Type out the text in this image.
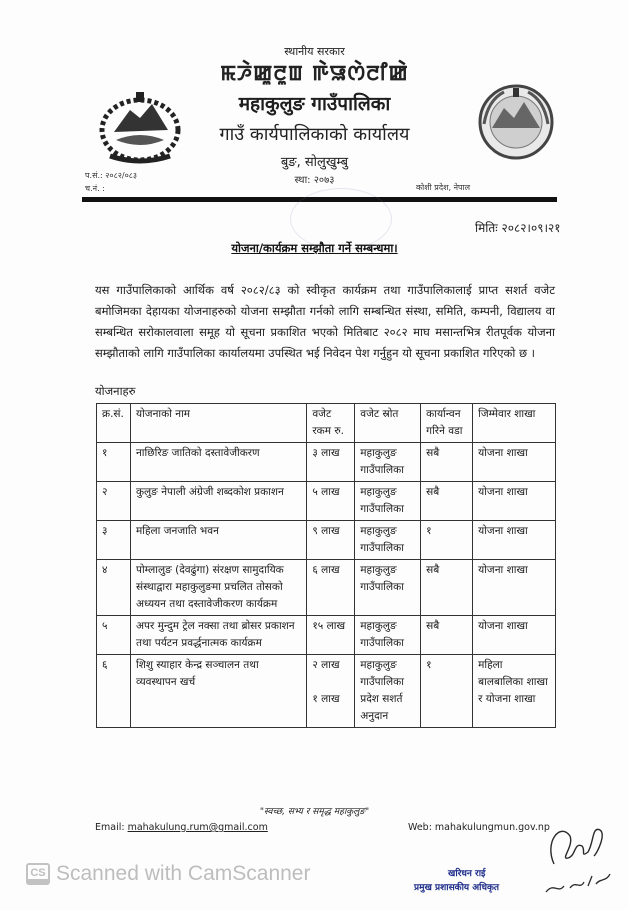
स्थानीय सरकार
ꯃꯍꯥꯀꯨꯂꯨꯡ ꯒꯥꯎꯁꯥꯂꯤꯀꯥ
महाकुलुङ गाउँपालिका
गाउँ कार्यपालिकाको कार्यालय
बुङ, सोलुखुम्बु
स्था: २०७३
प.सं.: २०८२/०८३
च.नं. :	कोशी प्रदेश, नेपाल
मितिः २०८२।०९।२१
योजना/कार्यक्रम सम्झौता गर्ने सम्बन्धमा।
यस गाउँपालिकाको आर्थिक वर्ष २०८२/८३ को स्वीकृत कार्यक्रम तथा गाउँपालिकालाई प्राप्त सशर्त वजेट बमोजिमका देहायका योजनाहरुको योजना सम्झौता गर्नको लागि सम्बन्धित संस्था, समिति, कम्पनी, विद्यालय वा सम्बन्धित सरोकालवाला समूह यो सूचना प्रकाशित भएको मितिबाट २०८२ माघ मसान्तभित्र रीतपूर्वक योजना सम्झौताको लागि गाउँपालिका कार्यालयमा उपस्थित भई निवेदन पेश गर्नुहुन यो सूचना प्रकाशित गरिएको छ ।
योजनाहरु
क्र.सं.	योजनाको नाम	वजेट रकम रु.	वजेट स्रोत	कार्यान्वन गरिने वडा	जिम्मेवार शाखा
१	नाछिरिङ जातिको दस्तावेजीकरण	३ लाख	महाकुलुङ गाउँपालिका	सबै	योजना शाखा
२	कुलुङ नेपाली अंग्रेजी शब्दकोश प्रकाशन	५ लाख	महाकुलुङ गाउँपालिका	सबै	योजना शाखा
३	महिला जनजाति भवन	९ लाख	महाकुलुङ गाउँपालिका	१	योजना शाखा
४	पोम्लालुङ (देवढुंगा) संरक्षण सामुदायिक संस्थाद्वारा महाकुलुङमा प्रचलित तोसको अध्ययन तथा दस्तावेजीकरण कार्यक्रम	६ लाख	महाकुलुङ गाउँपालिका	सबै	योजना शाखा
५	अपर मुन्दुम ट्रेल नक्सा तथा ब्रोसर प्रकाशन तथा पर्यटन प्रवर्द्धनात्मक कार्यक्रम	१५ लाख	महाकुलुङ गाउँपालिका	सबै	योजना शाखा
६	शिशु स्याहार केन्द्र सञ्चालन तथा व्यवस्थापन खर्च	२ लाख
१ लाख	महाकुलुङ गाउँपालिका प्रदेश सशर्त अनुदान	१	महिला बालबालिका शाखा र योजना शाखा
"स्वच्छ, सभ्य र समृद्ध महाकुलुङ"
Email: mahakulung.rum@gmail.com	Web: mahakulungmun.gov.np
CS Scanned with CamScanner	खरिधन राई
प्रमुख प्रशासकीय अधिकृत
